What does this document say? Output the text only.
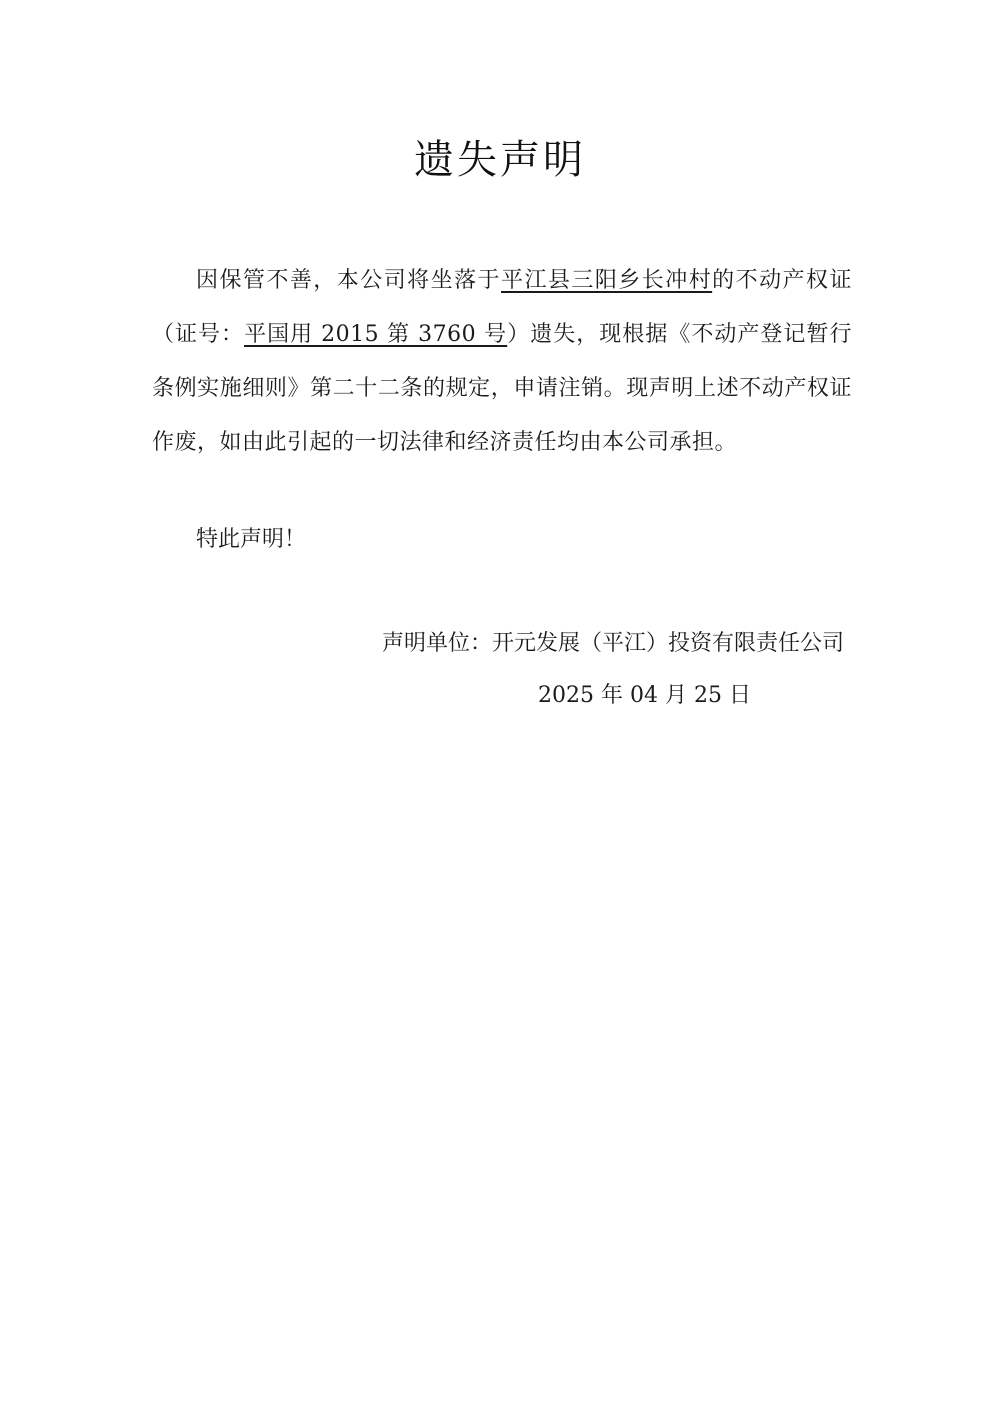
遗失声明
因保管不善，本公司将坐落于平江县三阳乡长冲村的不动产权证（证号：平国用 2015 第 3760 号）遗失，现根据《不动产登记暂行条例实施细则》第二十二条的规定，申请注销。现声明上述不动产权证作废，如由此引起的一切法律和经济责任均由本公司承担。
特此声明！
声明单位：开元发展（平江）投资有限责任公司
2025 年 04 月 25 日
